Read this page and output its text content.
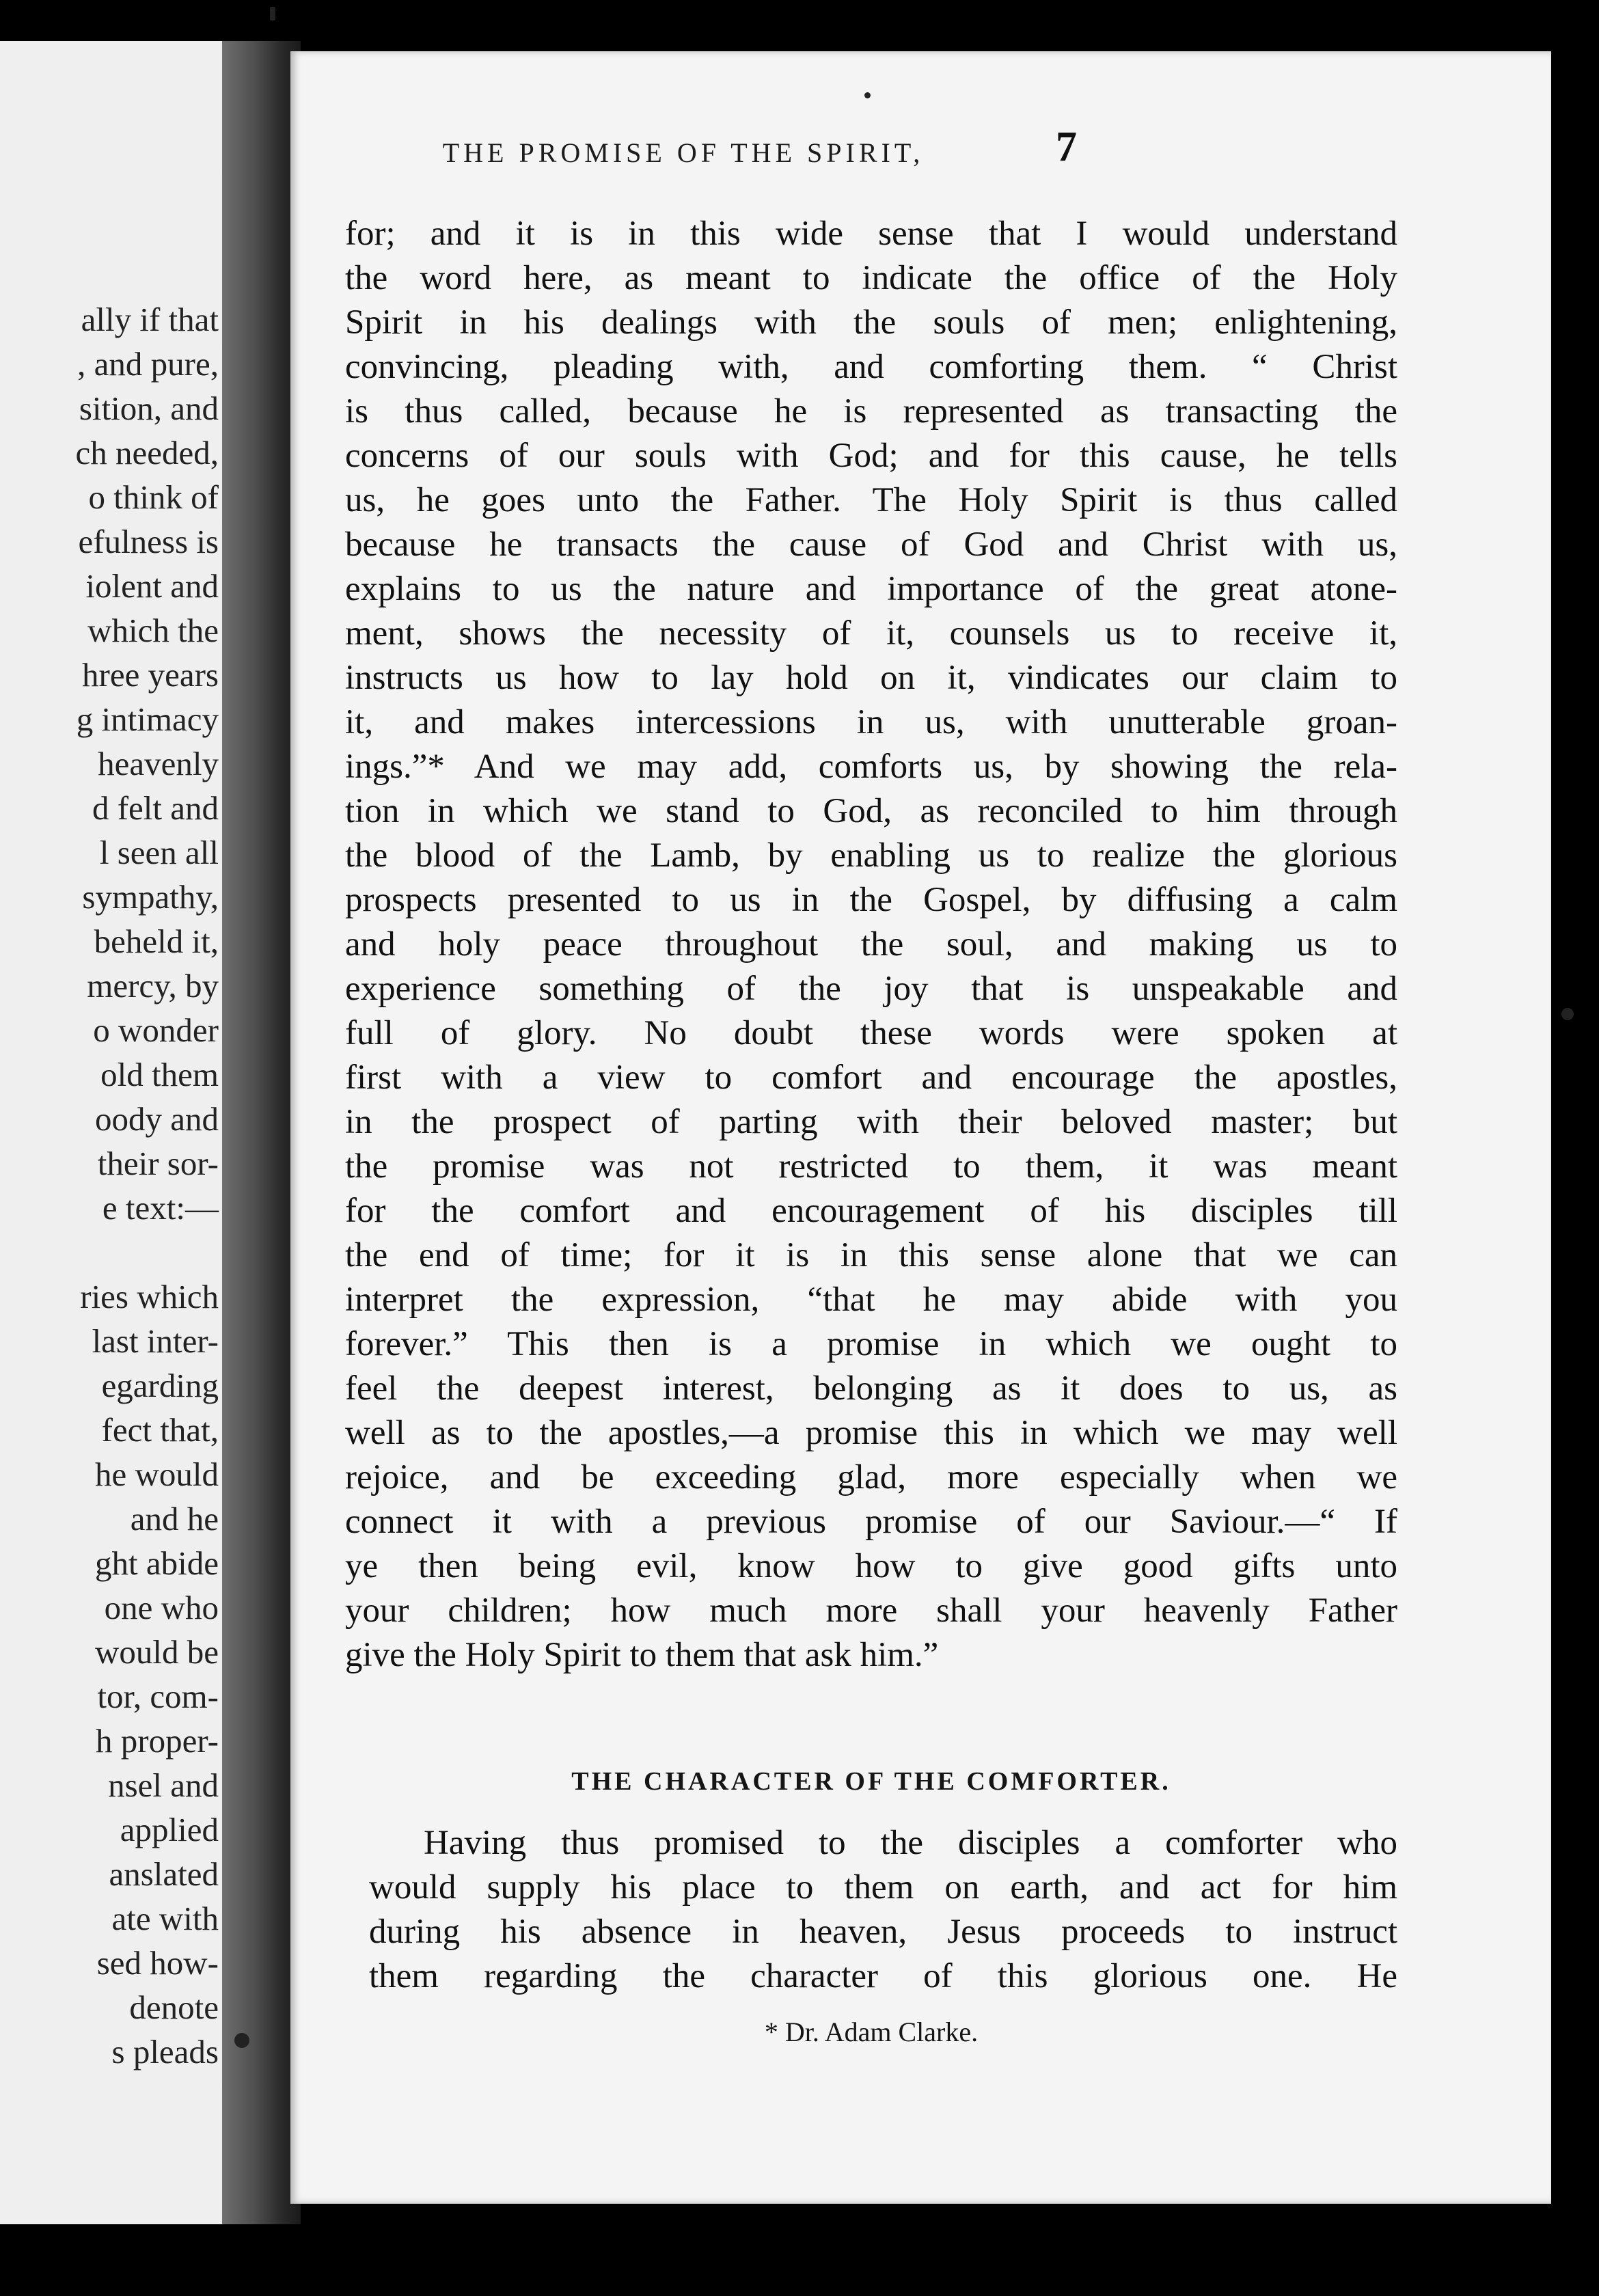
ally if that
, and pure,
sition, and
ch needed,
o think of
efulness is
iolent and
which the
hree years
g intimacy
heavenly
d felt and
l seen all
sympathy,
beheld it,
mercy, by
o wonder
old them
oody and
their sor-
e text:—

ries which
last inter-
egarding
fect that,
he would
and he
ght abide
one who
would be
tor, com-
h proper-
nsel and
applied
anslated
ate with
sed how-
denote
s pleads
THE PROMISE OF THE SPIRIT,	7
for; and it is in this wide sense that I would understand
the word here, as meant to indicate the office of the Holy
Spirit in his dealings with the souls of men; enlightening,
convincing, pleading with, and comforting them. “ Christ
is thus called, because he is represented as transacting the
concerns of our souls with God; and for this cause, he tells
us, he goes unto the Father. The Holy Spirit is thus called
because he transacts the cause of God and Christ with us,
explains to us the nature and importance of the great atone-
ment, shows the necessity of it, counsels us to receive it,
instructs us how to lay hold on it, vindicates our claim to
it, and makes intercessions in us, with unutterable groan-
ings.”* And we may add, comforts us, by showing the rela-
tion in which we stand to God, as reconciled to him through
the blood of the Lamb, by enabling us to realize the glorious
prospects presented to us in the Gospel, by diffusing a calm
and holy peace throughout the soul, and making us to
experience something of the joy that is unspeakable and
full of glory. No doubt these words were spoken at
first with a view to comfort and encourage the apostles,
in the prospect of parting with their beloved master; but
the promise was not restricted to them, it was meant
for the comfort and encouragement of his disciples till
the end of time; for it is in this sense alone that we can
interpret the expression, “that he may abide with you
forever.” This then is a promise in which we ought to
feel the deepest interest, belonging as it does to us, as
well as to the apostles,—a promise this in which we may well
rejoice, and be exceeding glad, more especially when we
connect it with a previous promise of our Saviour.—“ If
ye then being evil, know how to give good gifts unto
your children; how much more shall your heavenly Father
give the Holy Spirit to them that ask him.”
THE CHARACTER OF THE COMFORTER.
Having thus promised to the disciples a comforter who
would supply his place to them on earth, and act for him
during his absence in heaven, Jesus proceeds to instruct
them regarding the character of this glorious one. He
* Dr. Adam Clarke.
